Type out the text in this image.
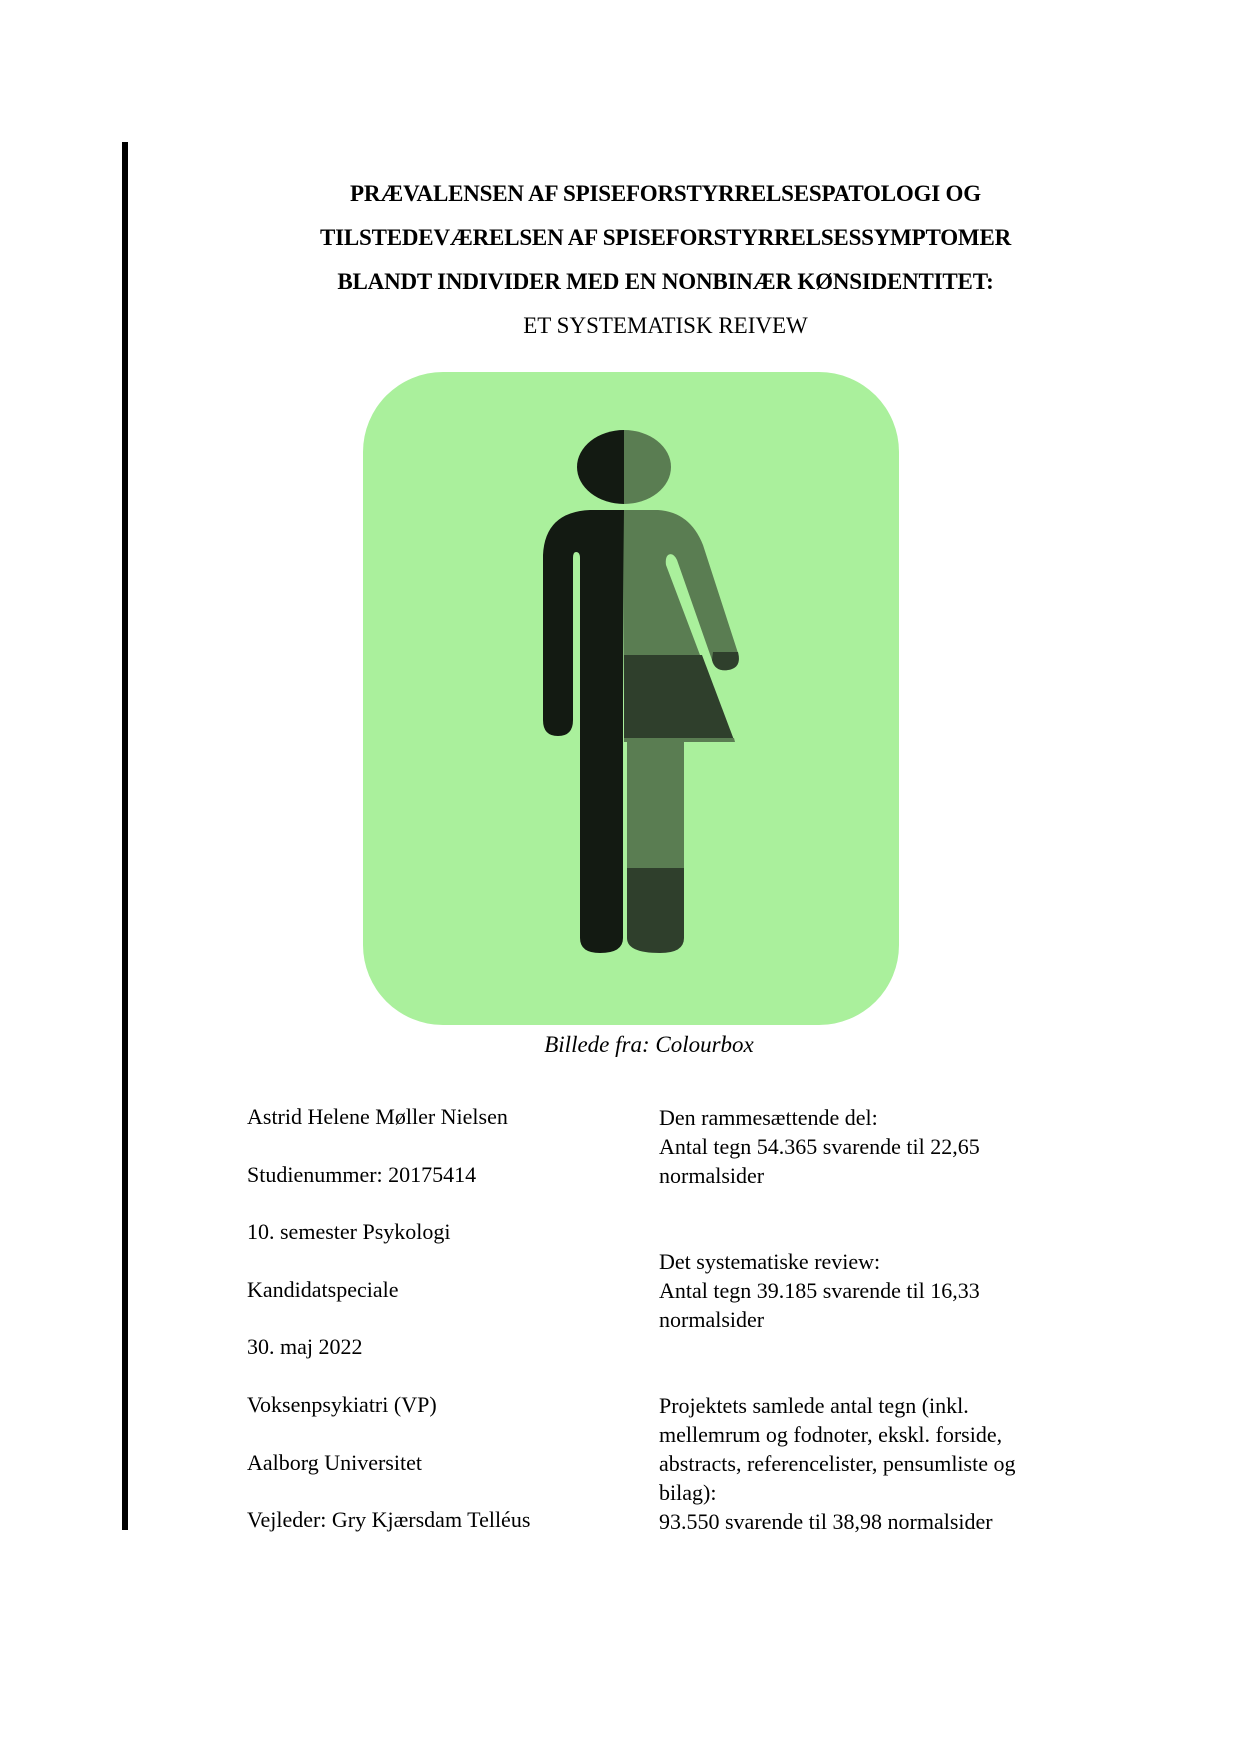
PRÆVALENSEN AF SPISEFORSTYRRELSESPATOLOGI OG
TILSTEDEVÆRELSEN AF SPISEFORSTYRRELSESSYMPTOMER
BLANDT INDIVIDER MED EN NONBINÆR KØNSIDENTITET:
ET SYSTEMATISK REIVEW
Billede fra: Colourbox
Astrid Helene Møller Nielsen
Studienummer: 20175414
10. semester Psykologi
Kandidatspeciale
30. maj 2022
Voksenpsykiatri (VP)
Aalborg Universitet
Vejleder: Gry Kjærsdam Telléus

Den rammesættende del:

Antal tegn 54.365 svarende til 22,65

normalsider

Det systematiske review:

Antal tegn 39.185 svarende til 16,33

normalsider

Projektets samlede antal tegn (inkl.

mellemrum og fodnoter, ekskl. forside,

abstracts, referencelister, pensumliste og

bilag):

93.550 svarende til 38,98 normalsider
